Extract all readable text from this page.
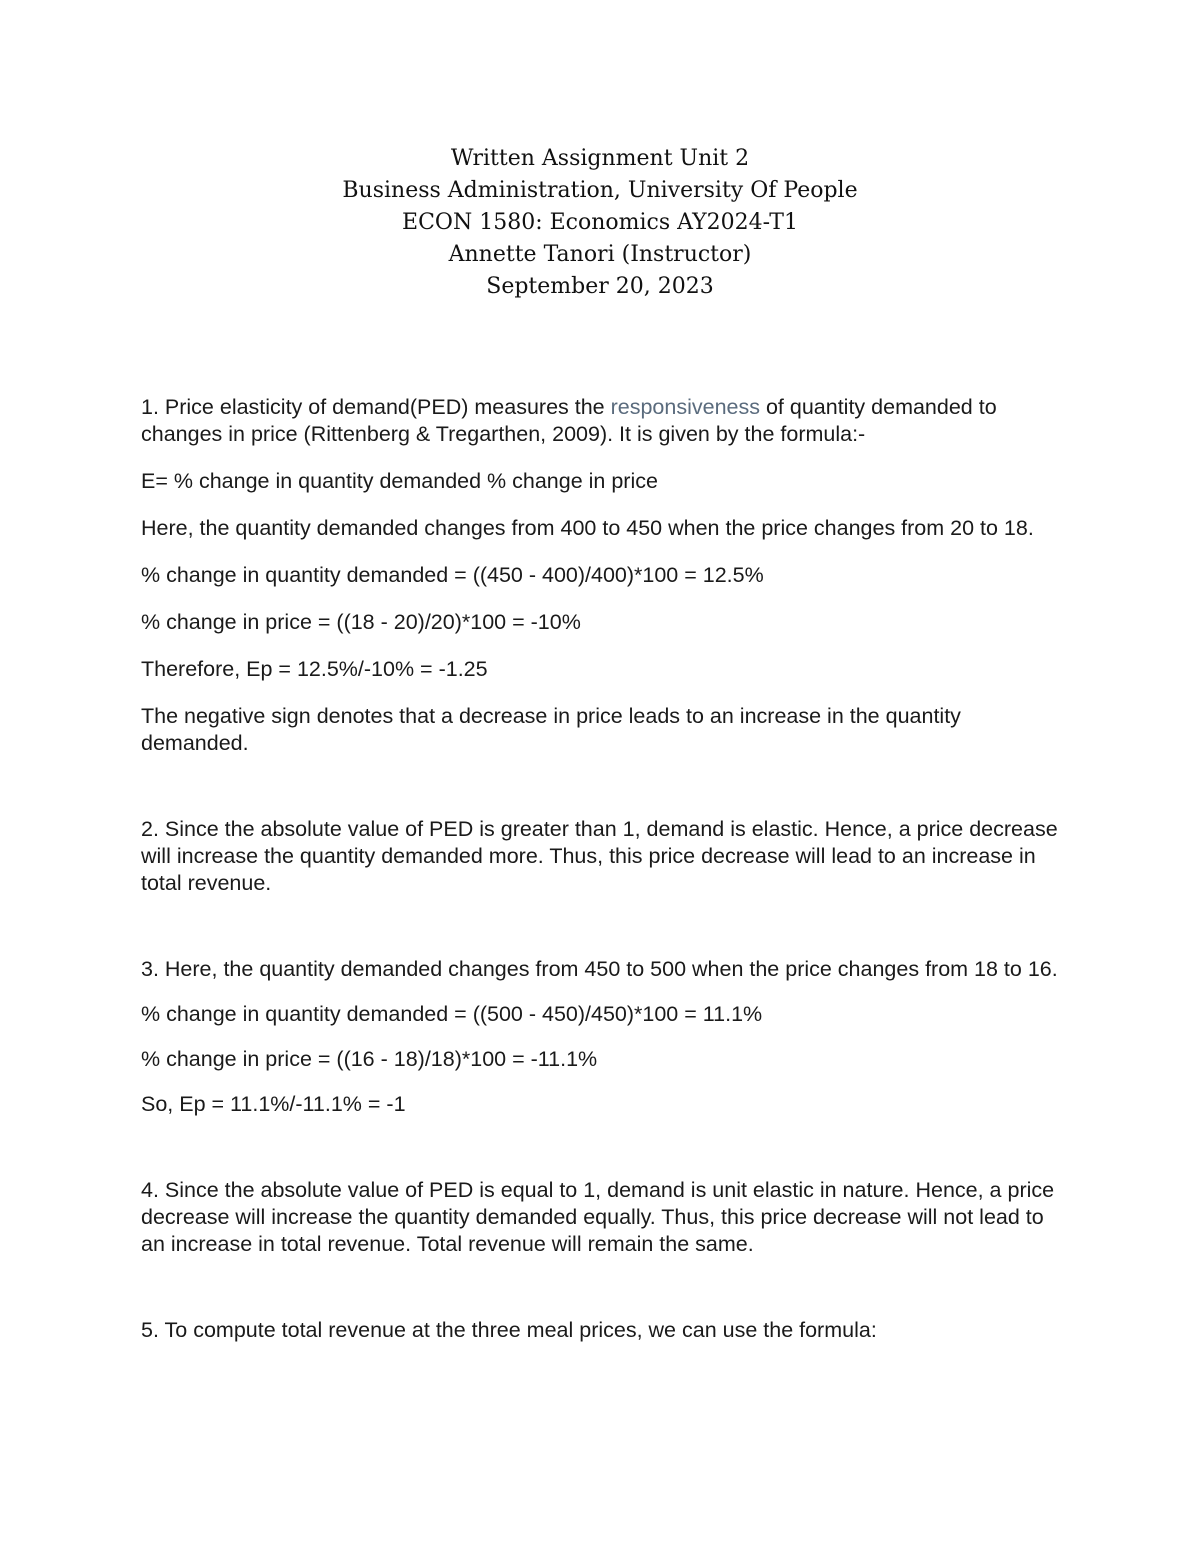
Written Assignment Unit 2
Business Administration, University Of People
ECON 1580: Economics AY2024-T1
Annette Tanori (Instructor)
September 20, 2023

1. Price elasticity of demand(PED) measures the responsiveness of quantity demanded to changes in price (Rittenberg & Tregarthen, 2009). It is given by the formula:-

E= % change in quantity demanded % change in price

Here, the quantity demanded changes from 400 to 450 when the price changes from 20 to 18.

% change in quantity demanded = ((450 - 400)/400)*100 = 12.5%

% change in price = ((18 - 20)/20)*100 = -10%

Therefore, Ep = 12.5%/-10% = -1.25

The negative sign denotes that a decrease in price leads to an increase in the quantity demanded.

2. Since the absolute value of PED is greater than 1, demand is elastic. Hence, a price decrease will increase the quantity demanded more. Thus, this price decrease will lead to an increase in total revenue.

3. Here, the quantity demanded changes from 450 to 500 when the price changes from 18 to 16.

% change in quantity demanded = ((500 - 450)/450)*100 = 11.1%

% change in price = ((16 - 18)/18)*100 = -11.1%

So, Ep = 11.1%/-11.1% = -1

4. Since the absolute value of PED is equal to 1, demand is unit elastic in nature. Hence, a price decrease will increase the quantity demanded equally. Thus, this price decrease will not lead to an increase in total revenue. Total revenue will remain the same.

5. To compute total revenue at the three meal prices, we can use the formula:
